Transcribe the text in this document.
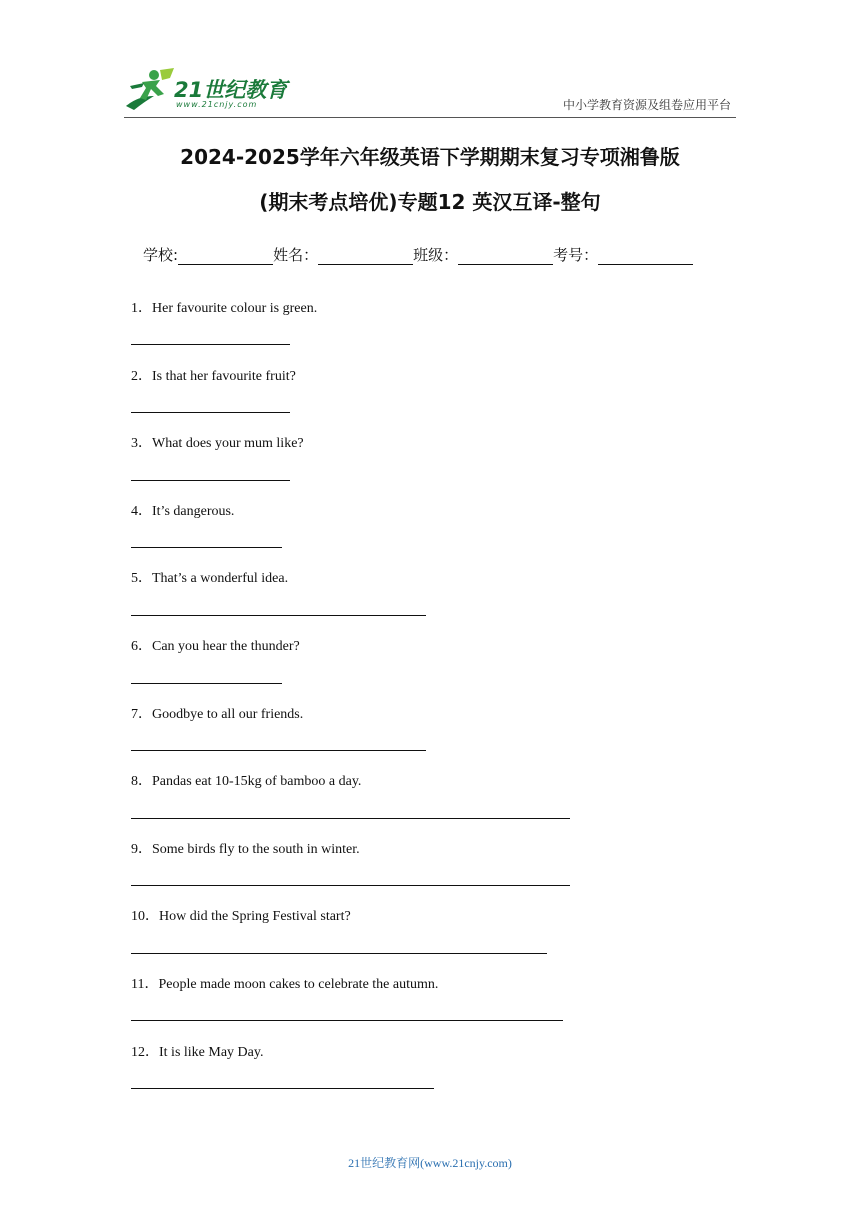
21世纪教育
www.21cnjy.com	中小学教育资源及组卷应用平台
2024-2025学年六年级英语下学期期末复习专项湘鲁版
(期末考点培优)专题12 英汉互译-整句
学校:	姓名：	班级：	考号：
1．Her favourite colour is green.
2．Is that her favourite fruit?
3．What does your mum like?
4．It’s dangerous.
5．That’s a wonderful idea.
6．Can you hear the thunder?
7．Goodbye to all our friends.
8．Pandas eat 10-15kg of bamboo a day.
9．Some birds fly to the south in winter.
10．How did the Spring Festival start?
11．People made moon cakes to celebrate the autumn.
12．It is like May Day.
21世纪教育网(www.21cnjy.com)
